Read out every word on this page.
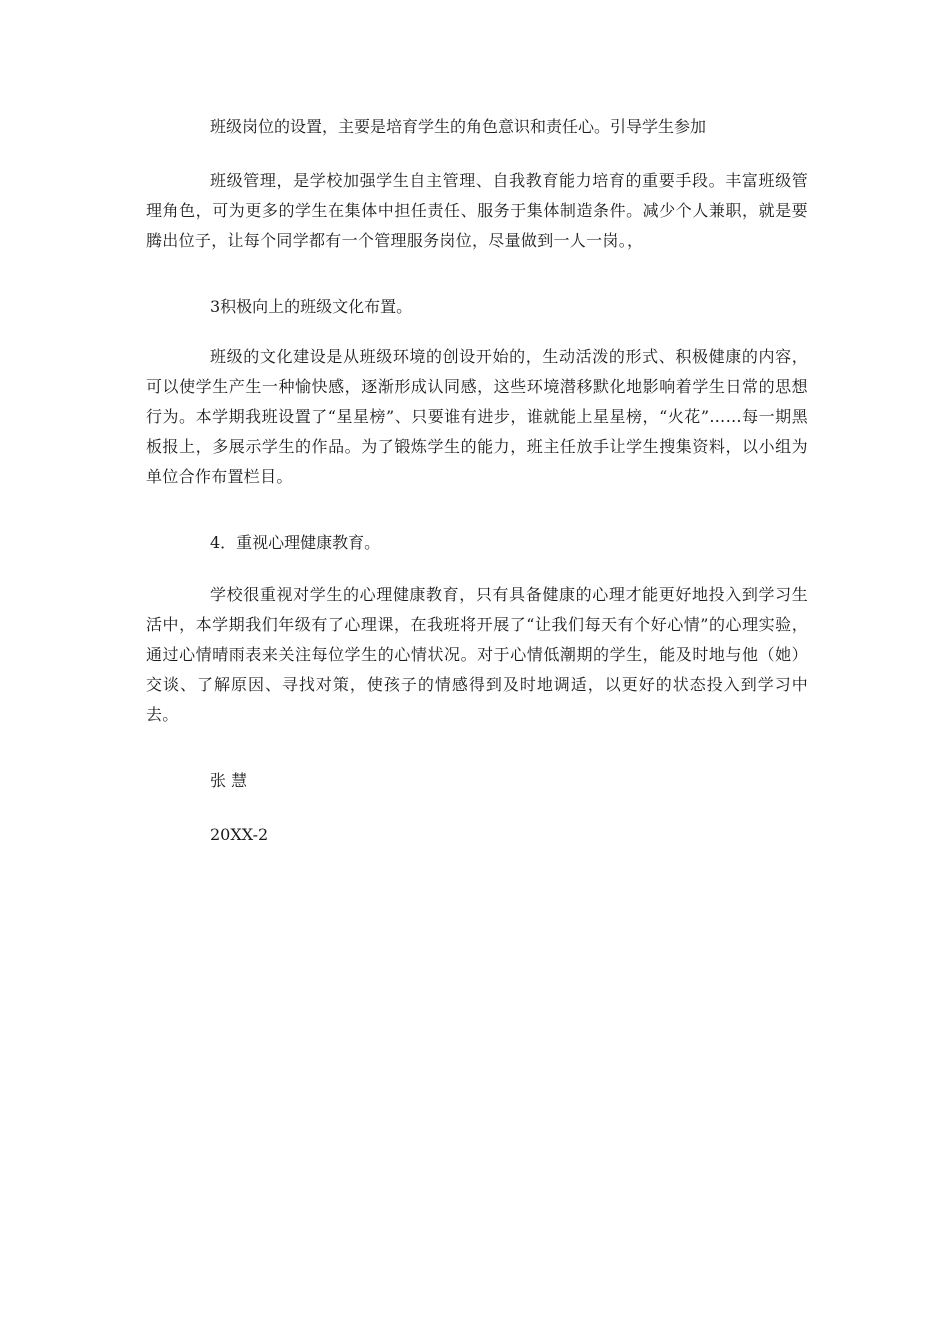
班级岗位的设置，主要是培育学生的角色意识和责任心。引导学生参加

班级管理，是学校加强学生自主管理、自我教育能力培育的重要手段。丰富班级管理角色，可为更多的学生在集体中担任责任、服务于集体制造条件。减少个人兼职，就是要腾出位子，让每个同学都有一个管理服务岗位，尽量做到一人一岗。，

3积极向上的班级文化布置。

班级的文化建设是从班级环境的创设开始的，生动活泼的形式、积极健康的内容，可以使学生产生一种愉快感，逐渐形成认同感，这些环境潜移默化地影响着学生日常的思想行为。本学期我班设置了“星星榜”、只要谁有进步，谁就能上星星榜，“火花”……每一期黑板报上，多展示学生的作品。为了锻炼学生的能力，班主任放手让学生搜集资料，以小组为单位合作布置栏目。

4．重视心理健康教育。

学校很重视对学生的心理健康教育，只有具备健康的心理才能更好地投入到学习生活中，本学期我们年级有了心理课，在我班将开展了“让我们每天有个好心情”的心理实验，通过心情晴雨表来关注每位学生的心情状况。对于心情低潮期的学生，能及时地与他（她）交谈、了解原因、寻找对策，使孩子的情感得到及时地调适，以更好的状态投入到学习中去。

张 慧

20XX-2
